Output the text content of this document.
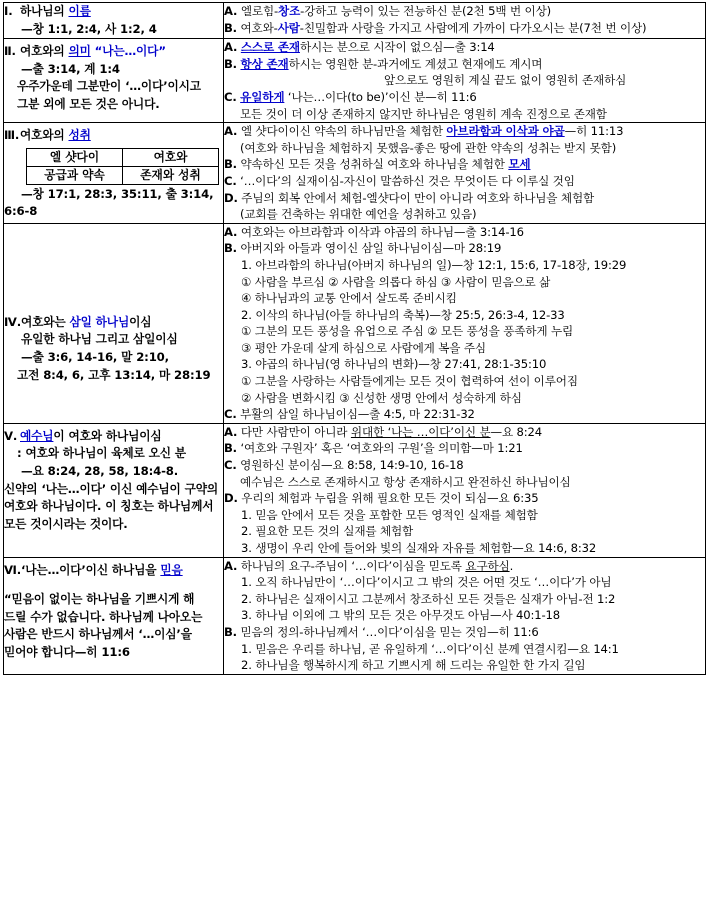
Ⅰ. 하나님의 이름
—창 1:1, 2:4, 사 1:2, 4

A. 엘로힘-창조-강하고 능력이 있는 전능하신 분(2천 5백 번 이상)
B. 여호와-사람-친밀함과 사랑을 가지고 사람에게 가까이 다가오시는 분(7천 번 이상)

Ⅱ. 여호와의 의미 “나는…이다”
—출 3:14, 계 1:4
우주가운데 그분만이 ‘…이다’이시고
그분 외에 모든 것은 아니다.

A. 스스로 존재하시는 분으로 시작이 없으심—출 3:14
B. 항상 존재하시는 영원한 분-과거에도 계셨고 현재에도 계시며
앞으로도 영원히 계실 끝도 없이 영원히 존재하심
C. 유일하게 ‘나는…이다(to be)’이신 분—히 11:6
모든 것이 더 이상 존재하지 않지만 하나님은 영원히 계속 진정으로 존재함

Ⅲ.여호와의 성취
엘 샷다이	여호와
공급과 약속	존재와 성취
—창 17:1, 28:3, 35:11, 출 3:14,
6:6-8

A. 엘 샷다이이신 약속의 하나님만을 체험한 아브라함과 이삭과 야곱—히 11:13
(여호와 하나님을 체험하지 못했음-좋은 땅에 관한 약속의 성취는 받지 못함)
B. 약속하신 모든 것을 성취하실 여호와 하나님을 체험한 모세
C. ‘…이다’의 실재이심-자신이 말씀하신 것은 무엇이든 다 이루실 것임
D. 주님의 회복 안에서 체험-엘샷다이 만이 아니라 여호와 하나님을 체험함
(교회를 건축하는 위대한 예언을 성취하고 있음)

Ⅳ.여호와는 삼일 하나님이심
유일한 하나님 그리고 삼일이심
—출 3:6, 14-16, 말 2:10,
고전 8:4, 6, 고후 13:14, 마 28:19

A. 여호와는 아브라함과 이삭과 야곱의 하나님—출 3:14-16
B. 아버지와 아들과 영이신 삼일 하나님이심—마 28:19
1. 아브라함의 하나님(아버지 하나님의 일)—창 12:1, 15:6, 17-18장, 19:29
① 사람을 부르심 ② 사람을 의롭다 하심 ③ 사람이 믿음으로 삶
④ 하나님과의 교통 안에서 살도록 준비시킴
2. 이삭의 하나님(아들 하나님의 축복)—창 25:5, 26:3-4, 12-33
① 그분의 모든 풍성을 유업으로 주심 ② 모든 풍성을 풍족하게 누림
③ 평안 가운데 살게 하심으로 사람에게 복을 주심
3. 야곱의 하나님(영 하나님의 변화)—창 27:41, 28:1-35:10
① 그분을 사랑하는 사람들에게는 모든 것이 협력하여 선이 이루어짐
② 사람을 변화시킴 ③ 신성한 생명 안에서 성숙하게 하심
C. 부활의 삼일 하나님이심—출 4:5, 마 22:31-32

Ⅴ. 예수님이 여호와 하나님이심
: 여호와 하나님이 육체로 오신 분
—요 8:24, 28, 58, 18:4-8.
신약의 ‘나는…이다’ 이신 예수님이 구약의
여호와 하나님이다. 이 칭호는 하나님께서
모든 것이시라는 것이다.

A. 다만 사람만이 아니라 위대한 ‘나는 …이다’이신 분—요 8:24
B. ‘여호와 구원자’ 혹은 ‘여호와의 구원’을 의미함—마 1:21
C. 영원하신 분이심—요 8:58, 14:9-10, 16-18
예수님은 스스로 존재하시고 항상 존재하시고 완전하신 하나님이심
D. 우리의 체험과 누림을 위해 필요한 모든 것이 되심—요 6:35
1. 믿음 안에서 모든 것을 포함한 모든 영적인 실재를 체험함
2. 필요한 모든 것의 실재를 체험함
3. 생명이 우리 안에 들어와 빛의 실재와 자유를 체험함—요 14:6, 8:32

Ⅵ.‘나는…이다’이신 하나님을 믿음
“믿음이 없이는 하나님을 기쁘시게 해
드릴 수가 없습니다. 하나님께 나아오는
사람은 반드시 하나님께서 ‘…이심’을
믿어야 합니다—히 11:6

A. 하나님의 요구-주님이 ‘…이다’이심을 믿도록 요구하심.
1. 오직 하나님만이 ‘…이다’이시고 그 밖의 것은 어떤 것도 ‘…이다’가 아님
2. 하나님은 실재이시고 그분께서 창조하신 모든 것들은 실재가 아님-전 1:2
3. 하나님 이외에 그 밖의 모든 것은 아무것도 아님—사 40:1-18
B. 믿음의 정의-하나님께서 ‘…이다’이심을 믿는 것임—히 11:6
1. 믿음은 우리를 하나님, 곧 유일하게 ‘…이다’이신 분께 연결시킴—요 14:1
2. 하나님을 행복하시게 하고 기쁘시게 해 드리는 유일한 한 가지 길임
